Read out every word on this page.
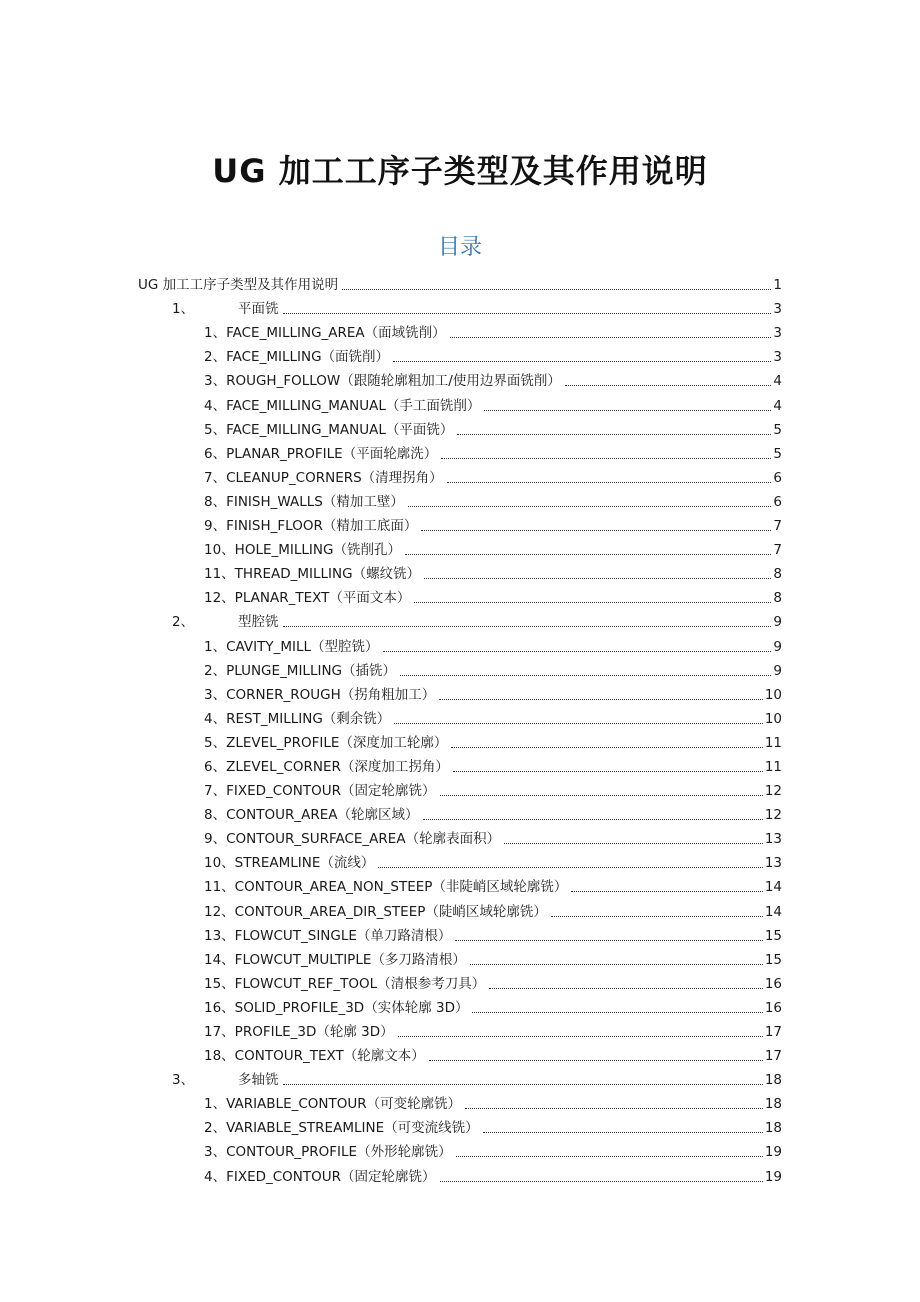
UG 加工工序子类型及其作用说明
目录
UG 加工工序子类型及其作用说明	1
1、	平面铣	3
1、FACE_MILLING_AREA（面域铣削）	3
2、FACE_MILLING（面铣削）	3
3、ROUGH_FOLLOW（跟随轮廓粗加工/使用边界面铣削）	4
4、FACE_MILLING_MANUAL（手工面铣削）	4
5、FACE_MILLING_MANUAL（平面铣）	5
6、PLANAR_PROFILE（平面轮廓洗）	5
7、CLEANUP_CORNERS（清理拐角）	6
8、FINISH_WALLS（精加工壁）	6
9、FINISH_FLOOR（精加工底面）	7
10、HOLE_MILLING（铣削孔）	7
11、THREAD_MILLING（螺纹铣）	8
12、PLANAR_TEXT（平面文本）	8
2、	型腔铣	9
1、CAVITY_MILL（型腔铣）	9
2、PLUNGE_MILLING（插铣）	9
3、CORNER_ROUGH（拐角粗加工）	10
4、REST_MILLING（剩余铣）	10
5、ZLEVEL_PROFILE（深度加工轮廓）	11
6、ZLEVEL_CORNER（深度加工拐角）	11
7、FIXED_CONTOUR（固定轮廓铣）	12
8、CONTOUR_AREA（轮廓区域）	12
9、CONTOUR_SURFACE_AREA（轮廓表面积）	13
10、STREAMLINE（流线）	13
11、CONTOUR_AREA_NON_STEEP（非陡峭区域轮廓铣）	14
12、CONTOUR_AREA_DIR_STEEP（陡峭区域轮廓铣）	14
13、FLOWCUT_SINGLE（单刀路清根）	15
14、FLOWCUT_MULTIPLE（多刀路清根）	15
15、FLOWCUT_REF_TOOL（清根参考刀具）	16
16、SOLID_PROFILE_3D（实体轮廓 3D）	16
17、PROFILE_3D（轮廓 3D）	17
18、CONTOUR_TEXT（轮廓文本）	17
3、	多轴铣	18
1、VARIABLE_CONTOUR（可变轮廓铣）	18
2、VARIABLE_STREAMLINE（可变流线铣）	18
3、CONTOUR_PROFILE（外形轮廓铣）	19
4、FIXED_CONTOUR（固定轮廓铣）	19
